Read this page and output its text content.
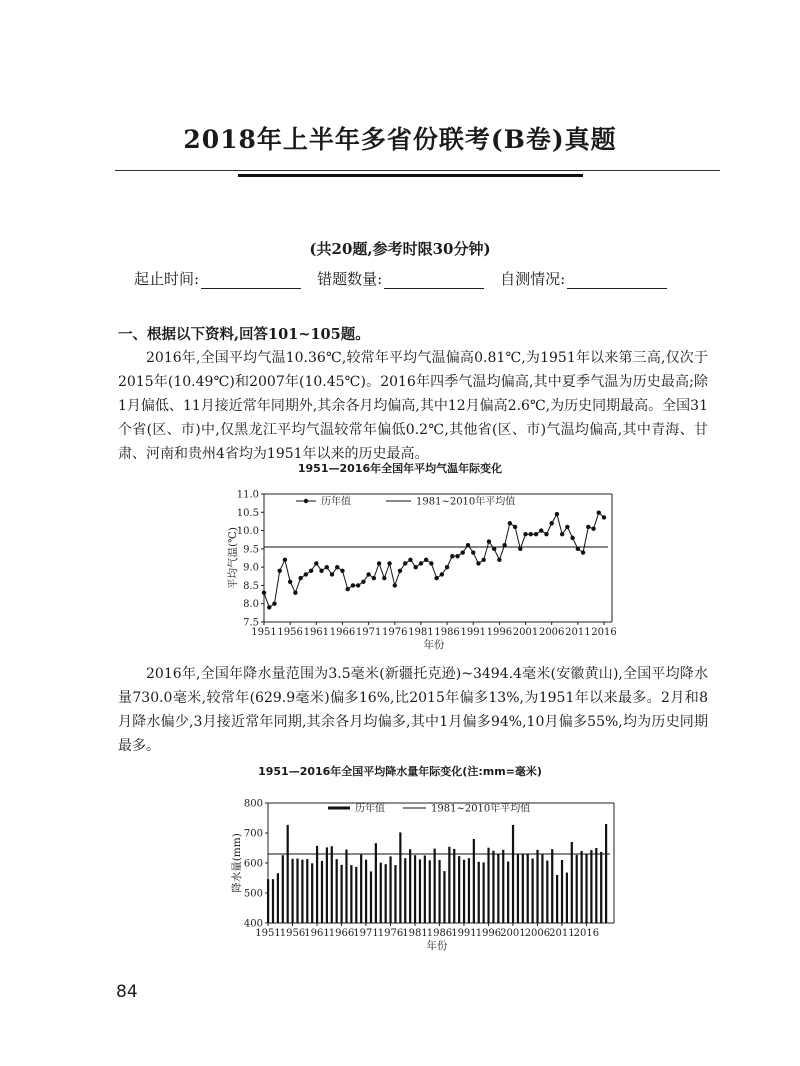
2018年上半年多省份联考(B卷)真题
(共20题,参考时限30分钟)
起止时间:	错题数量:	自测情况:
一、根据以下资料,回答101~105题。
2016年,全国平均气温10.36℃,较常年平均气温偏高0.81℃,为1951年以来第三高,仅次于2015年(10.49℃)和2007年(10.45℃)。2016年四季气温均偏高,其中夏季气温为历史最高;除1月偏低、11月接近常年同期外,其余各月均偏高,其中12月偏高2.6℃,为历史同期最高。全国31个省(区、市)中,仅黑龙江平均气温较常年偏低0.2℃,其他省(区、市)气温均偏高,其中青海、甘肃、河南和贵州4省均为1951年以来的历史最高。
1951—2016年全国年平均气温年际变化
7.5
8.0
8.5
9.0
9.5
10.0
10.5
11.0
1951 1956 1961 1966 1971 1976 1981 1986 1991 1996 2001 2006 2011 2016
年份
平均气温(℃)
历年值	1981~2010年平均值
2016年,全国年降水量范围为3.5毫米(新疆托克逊)~3494.4毫米(安徽黄山),全国平均降水量730.0毫米,较常年(629.9毫米)偏多16%,比2015年偏多13%,为1951年以来最多。2月和8月降水偏少,3月接近常年同期,其余各月均偏多,其中1月偏多94%,10月偏多55%,均为历史同期最多。
1951—2016年全国平均降水量年际变化(注:mm=毫米)
400
500
600
700
800
1951 1956 1961 1966 1971 1976 1981 1986 1991 1996 2001 2006 2011 2016
年份
降水量(mm)
历年值	1981~2010年平均值
84
